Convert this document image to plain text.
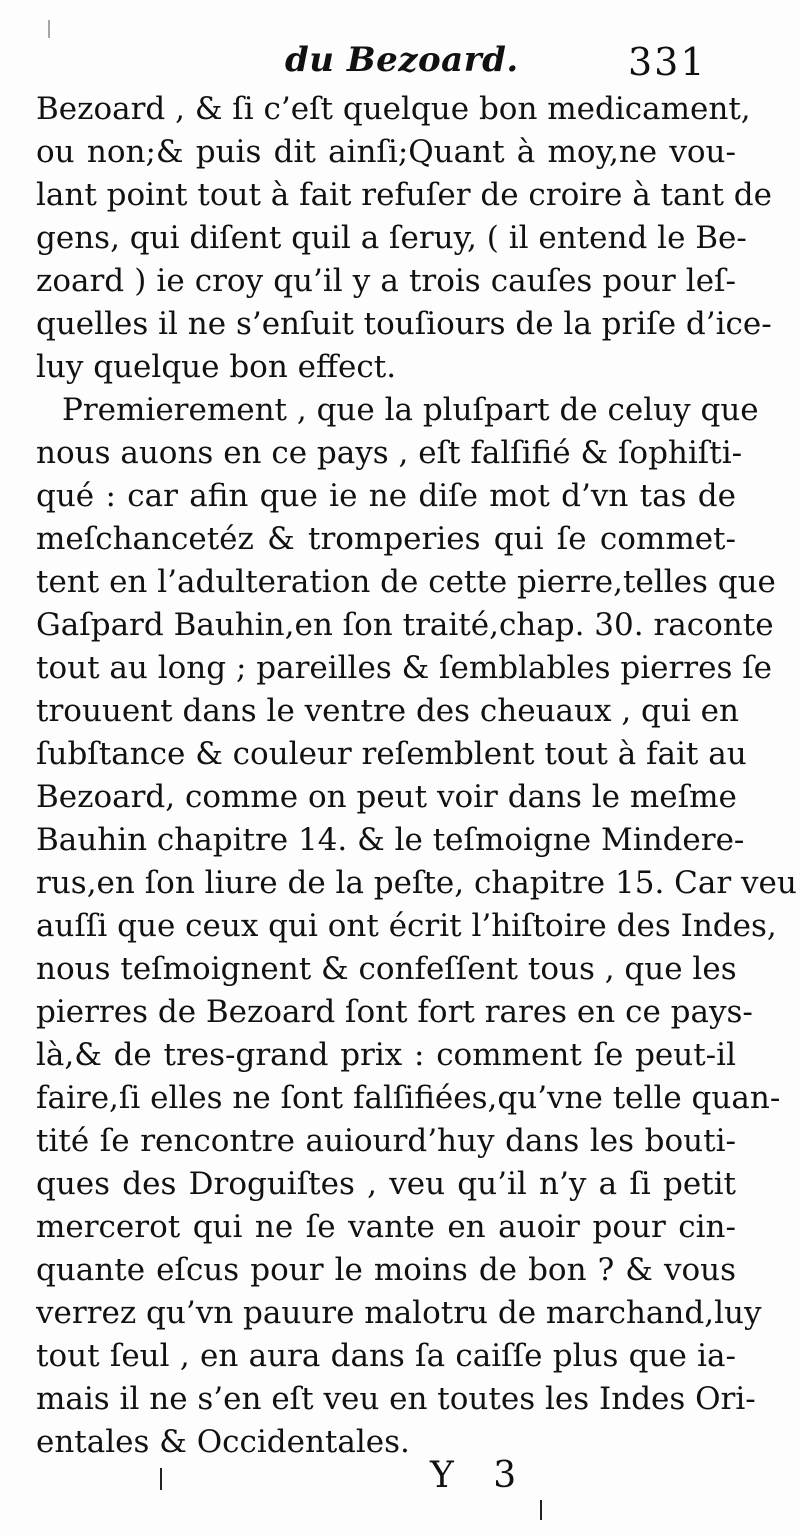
du Bezoard.	331
Bezoard , & ſi c’eſt quelque bon medicament,
ou non;& puis dit ainſi;Quant à moy,ne vou-
lant point tout à fait refuſer de croire à tant de
gens, qui diſent quil a ſeruy, ( il entend le Be-
zoard ) ie croy qu’il y a trois cauſes pour leſ-
quelles il ne s’enſuit touſiours de la priſe d’ice-
luy quelque bon effect.
Premierement , que la pluſpart de celuy que
nous auons en ce pays , eſt falſifié & ſophiſti-
qué : car afin que ie ne diſe mot d’vn tas de
meſchancetéz & tromperies qui ſe commet-
tent en l’adulteration de cette pierre,telles que
Gaſpard Bauhin,en ſon traité,chap. 30. raconte
tout au long ; pareilles & ſemblables pierres ſe
trouuent dans le ventre des cheuaux , qui en
ſubſtance & couleur reſemblent tout à fait au
Bezoard, comme on peut voir dans le meſme
Bauhin chapitre 14. & le teſmoigne Mindere-
rus,en ſon liure de la peſte, chapitre 15. Car veu
auſſi que ceux qui ont écrit l’hiſtoire des Indes,
nous teſmoignent & confeſſent tous , que les
pierres de Bezoard ſont fort rares en ce pays-
là,& de tres-grand prix : comment ſe peut-il
faire,ſi elles ne ſont falſifiées,qu’vne telle quan-
tité ſe rencontre auiourd’huy dans les bouti-
ques des Droguiſtes , veu qu’il n’y a ſi petit
mercerot qui ne ſe vante en auoir pour cin-
quante eſcus pour le moins de bon ? & vous
verrez qu’vn pauure malotru de marchand,luy
tout ſeul , en aura dans ſa caiſſe plus que ia-
mais il ne s’en eſt veu en toutes les Indes Ori-
entales & Occidentales.
Y 3
